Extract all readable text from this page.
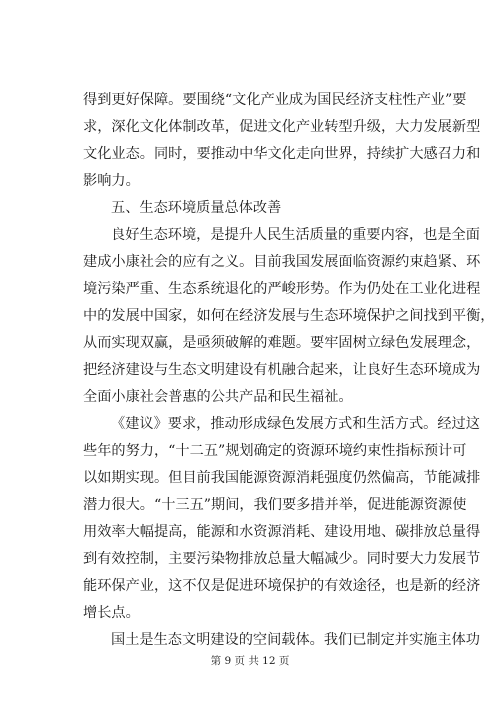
得到更好保障。要围绕“文化产业成为国民经济支柱性产业”要
求，深化文化体制改革，促进文化产业转型升级，大力发展新型
文化业态。同时，要推动中华文化走向世界，持续扩大感召力和
影响力。
五、生态环境质量总体改善
良好生态环境，是提升人民生活质量的重要内容，也是全面
建成小康社会的应有之义。目前我国发展面临资源约束趋紧、环
境污染严重、生态系统退化的严峻形势。作为仍处在工业化进程
中的发展中国家，如何在经济发展与生态环境保护之间找到平衡，
从而实现双赢，是亟须破解的难题。要牢固树立绿色发展理念，
把经济建设与生态文明建设有机融合起来，让良好生态环境成为
全面小康社会普惠的公共产品和民生福祉。
《建议》要求，推动形成绿色发展方式和生活方式。经过这
些年的努力，“十二五”规划确定的资源环境约束性指标预计可
以如期实现。但目前我国能源资源消耗强度仍然偏高，节能减排
潜力很大。“十三五”期间，我们要多措并举，促进能源资源使
用效率大幅提高，能源和水资源消耗、建设用地、碳排放总量得
到有效控制，主要污染物排放总量大幅减少。同时要大力发展节
能环保产业，这不仅是促进环境保护的有效途径，也是新的经济
增长点。
国土是生态文明建设的空间载体。我们已制定并实施主体功
第 9 页 共 12 页
